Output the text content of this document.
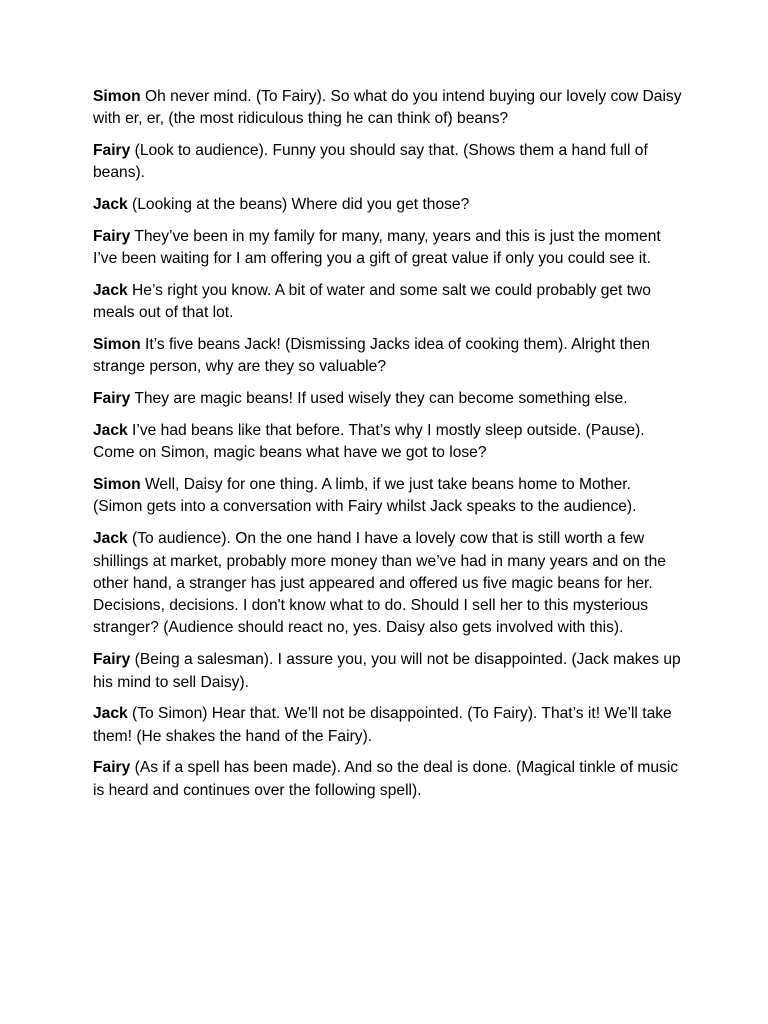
Simon Oh never mind. (To Fairy). So what do you intend buying our lovely cow Daisy with er, er, (the most ridiculous thing he can think of) beans?

Fairy (Look to audience). Funny you should say that. (Shows them a hand full of beans).

Jack (Looking at the beans) Where did you get those?

Fairy They’ve been in my family for many, many, years and this is just the moment I’ve been waiting for I am offering you a gift of great value if only you could see it.

Jack He’s right you know. A bit of water and some salt we could probably get two meals out of that lot.

Simon It’s five beans Jack! (Dismissing Jacks idea of cooking them). Alright then strange person, why are they so valuable?

Fairy They are magic beans! If used wisely they can become something else.

Jack I’ve had beans like that before. That’s why I mostly sleep outside. (Pause). Come on Simon, magic beans what have we got to lose?

Simon Well, Daisy for one thing. A limb, if we just take beans home to Mother. (Simon gets into a conversation with Fairy whilst Jack speaks to the audience).

Jack (To audience). On the one hand I have a lovely cow that is still worth a few shillings at market, probably more money than we’ve had in many years and on the other hand, a stranger has just appeared and offered us five magic beans for her. Decisions, decisions. I don't know what to do. Should I sell her to this mysterious stranger? (Audience should react no, yes. Daisy also gets involved with this).

Fairy (Being a salesman). I assure you, you will not be disappointed. (Jack makes up his mind to sell Daisy).

Jack (To Simon) Hear that. We’ll not be disappointed. (To Fairy). That’s it! We’ll take them! (He shakes the hand of the Fairy).

Fairy (As if a spell has been made). And so the deal is done. (Magical tinkle of music is heard and continues over the following spell).
